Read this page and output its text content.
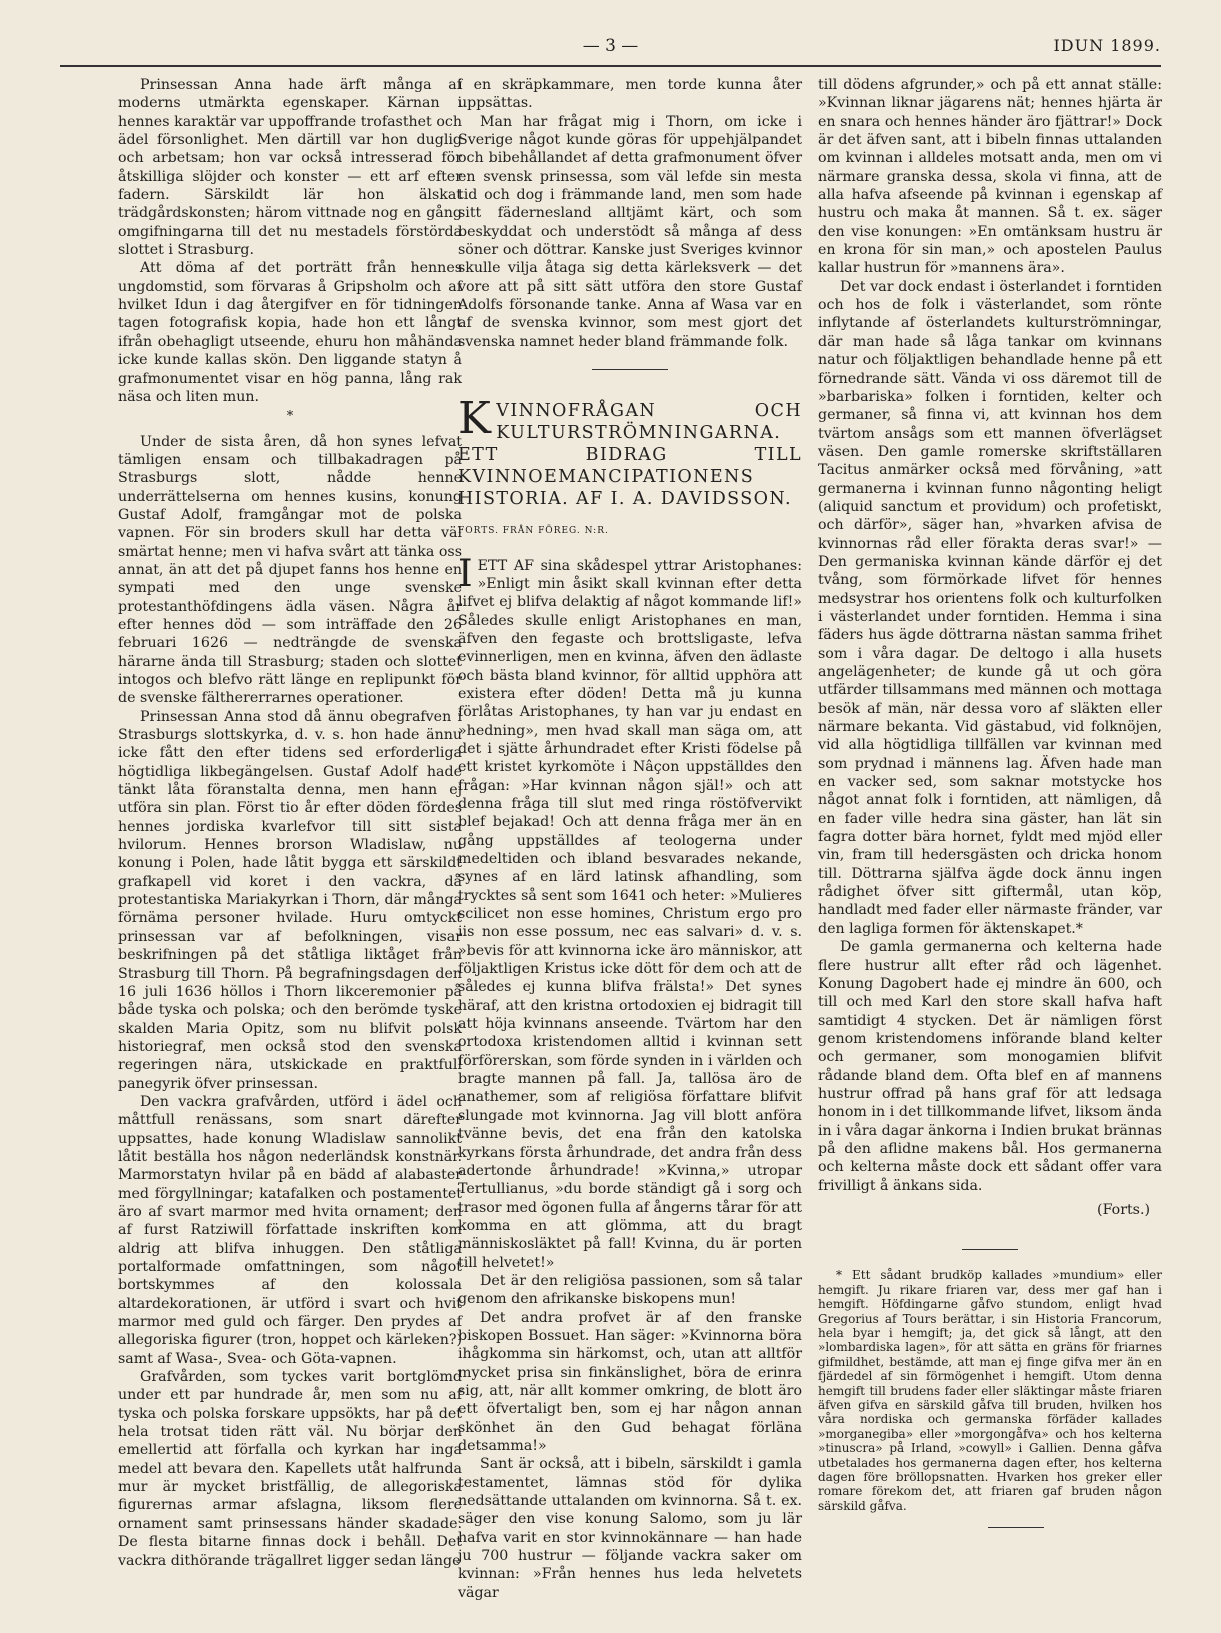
— 3 —	IDUN 1899.

Prinsessan Anna hade ärft många af moderns utmärkta egenskaper. Kärnan i hennes karaktär var uppoffrande trofasthet och ädel försonlighet. Men därtill var hon duglig och arbetsam; hon var också intresserad för åtskilliga slöjder och konster — ett arf efter fadern. Särskildt lär hon älskat trädgårdskonsten; härom vittnade nog en gång omgifningarna till det nu mestadels förstörda slottet i Strasburg.

Att döma af det porträtt från hennes ungdomstid, som förvaras å Gripsholm och af hvilket Idun i dag återgifver en för tidningen tagen fotografisk kopia, hade hon ett långt ifrån obehagligt utseende, ehuru hon måhända icke kunde kallas skön. Den liggande statyn å grafmonumentet visar en hög panna, lång rak näsa och liten mun.

*

Under de sista åren, då hon synes lefvat tämligen ensam och tillbakadragen på Strasburgs slott, nådde henne underrättelserna om hennes kusins, konung Gustaf Adolf, framgångar mot de polska vapnen. För sin broders skull har detta väl smärtat henne; men vi hafva svårt att tänka oss annat, än att det på djupet fanns hos henne en sympati med den unge svenske protestanthöfdingens ädla väsen. Några år efter hennes död — som inträffade den 26 februari 1626 — nedträngde de svenska härarne ända till Strasburg; staden och slottet intogos och blefvo rätt länge en replipunkt för de svenske fälthererrarnes operationer.

Prinsessan Anna stod då ännu obegrafven i Strasburgs slottskyrka, d. v. s. hon hade ännu icke fått den efter tidens sed erforderliga högtidliga likbegängelsen. Gustaf Adolf hade tänkt låta föranstalta denna, men hann ej utföra sin plan. Först tio år efter döden fördes hennes jordiska kvarlefvor till sitt sista hvilorum. Hennes brorson Wladislaw, nu konung i Polen, hade låtit bygga ett särskildt grafkapell vid koret i den vackra, då protestantiska Mariakyrkan i Thorn, där många förnäma personer hvilade. Huru omtyckt prinsessan var af befolkningen, visar beskrifningen på det ståtliga liktåget från Strasburg till Thorn. På begrafningsdagen den 16 juli 1636 höllos i Thorn likceremonier på både tyska och polska; och den berömde tyske skalden Maria Opitz, som nu blifvit polsk historiegraf, men också stod den svenska regeringen nära, utskickade en praktfull panegyrik öfver prinsessan.

Den vackra grafvården, utförd i ädel och måttfull renässans, som snart därefter uppsattes, hade konung Wladislaw sannolikt låtit beställa hos någon nederländsk konstnär. Marmorstatyn hvilar på en bädd af alabaster med förgyllningar; katafalken och postamentet äro af svart marmor med hvita ornament; den af furst Ratziwill författade inskriften kom aldrig att blifva inhuggen. Den ståtliga portalformade omfattningen, som något bortskymmes af den kolossala altardekorationen, är utförd i svart och hvit marmor med guld och färger. Den prydes af allegoriska figurer (tron, hoppet och kärleken?) samt af Wasa-, Svea- och Göta-vapnen.

Grafvården, som tyckes varit bortglömd under ett par hundrade år, men som nu af tyska och polska forskare uppsökts, har på det hela trotsat tiden rätt väl. Nu börjar den emellertid att förfalla och kyrkan har inga medel att bevara den. Kapellets utåt halfrunda mur är mycket bristfällig, de allegoriska figurernas armar afslagna, liksom flere ornament samt prinsessans händer skadade. De flesta bitarne finnas dock i behåll. Det vackra dithörande trägallret ligger sedan länge

i en skräpkammare, men torde kunna åter uppsättas.

Man har frågat mig i Thorn, om icke i Sverige något kunde göras för uppehjälpandet och bibehållandet af detta grafmonument öfver en svensk prinsessa, som väl lefde sin mesta tid och dog i främmande land, men som hade sitt fädernesland alltjämt kärt, och som beskyddat och understödt så många af dess söner och döttrar. Kanske just Sveriges kvinnor skulle vilja åtaga sig detta kärleksverk — det vore att på sitt sätt utföra den store Gustaf Adolfs försonande tanke. Anna af Wasa var en af de svenska kvinnor, som mest gjort det svenska namnet heder bland främmande folk.

KVINNOFRÅGAN OCH KULTURSTRÖMNINGARNA. ETT BIDRAG TILL KVINNOEMANCIPATIONENS HISTORIA. AF I. A. DAVIDSSON.
FORTS. FRÅN FÖREG. N:R.

IETT AF sina skådespel yttrar Aristophanes: »Enligt min åsikt skall kvinnan efter detta lifvet ej blifva delaktig af något kommande lif!» Således skulle enligt Aristophanes en man, äfven den fegaste och brottsligaste, lefva evinnerligen, men en kvinna, äfven den ädlaste och bästa bland kvinnor, för alltid upphöra att existera efter döden! Detta må ju kunna förlåtas Aristophanes, ty han var ju endast en »hedning», men hvad skall man säga om, att det i sjätte århundradet efter Kristi födelse på ett kristet kyrkomöte i Nâçon uppställdes den frågan: »Har kvinnan någon själ!» och att denna fråga till slut med ringa röstöfvervikt blef bejakad! Och att denna fråga mer än en gång uppställdes af teologerna under medeltiden och ibland besvarades nekande, synes af en lärd latinsk afhandling, som trycktes så sent som 1641 och heter: »Mulieres scilicet non esse homines, Christum ergo pro iis non esse possum, nec eas salvari» d. v. s. »bevis för att kvinnorna icke äro människor, att följaktligen Kristus icke dött för dem och att de således ej kunna blifva frälsta!» Det synes häraf, att den kristna ortodoxien ej bidragit till att höja kvinnans anseende. Tvärtom har den ortodoxa kristendomen alltid i kvinnan sett förförerskan, som förde synden in i världen och bragte mannen på fall. Ja, tallösa äro de anathemer, som af religiösa författare blifvit slungade mot kvinnorna. Jag vill blott anföra tvänne bevis, det ena från den katolska kyrkans första århundrade, det andra från dess adertonde århundrade! »Kvinna,» utropar Tertullianus, »du borde ständigt gå i sorg och trasor med ögonen fulla af ångerns tårar för att komma en att glömma, att du bragt människosläktet på fall! Kvinna, du är porten till helvetet!»

Det är den religiösa passionen, som så talar genom den afrikanske biskopens mun!

Det andra profvet är af den franske biskopen Bossuet. Han säger: »Kvinnorna böra ihågkomma sin härkomst, och, utan att alltför mycket prisa sin finkänslighet, böra de erinra sig, att, när allt kommer omkring, de blott äro ett öfvertaligt ben, som ej har någon annan skönhet än den Gud behagat förläna detsamma!»

Sant är också, att i bibeln, särskildt i gamla testamentet, lämnas stöd för dylika nedsättande uttalanden om kvinnorna. Så t. ex. säger den vise konung Salomo, som ju lär hafva varit en stor kvinnokännare — han hade ju 700 hustrur — följande vackra saker om kvinnan: »Från hennes hus leda helvetets vägar

till dödens afgrunder,» och på ett annat ställe: »Kvinnan liknar jägarens nät; hennes hjärta är en snara och hennes händer äro fjättrar!» Dock är det äfven sant, att i bibeln finnas uttalanden om kvinnan i alldeles motsatt anda, men om vi närmare granska dessa, skola vi finna, att de alla hafva afseende på kvinnan i egenskap af hustru och maka åt mannen. Så t. ex. säger den vise konungen: »En omtänksam hustru är en krona för sin man,» och apostelen Paulus kallar hustrun för »mannens ära».

Det var dock endast i österlandet i forntiden och hos de folk i västerlandet, som rönte inflytande af österlandets kulturströmningar, där man hade så låga tankar om kvinnans natur och följaktligen behandlade henne på ett förnedrande sätt. Vända vi oss däremot till de »barbariska» folken i forntiden, kelter och germaner, så finna vi, att kvinnan hos dem tvärtom ansågs som ett mannen öfverlägset väsen. Den gamle romerske skriftställaren Tacitus anmärker också med förvåning, »att germanerna i kvinnan funno någonting heligt (aliquid sanctum et providum) och profetiskt, och därför», säger han, »hvarken afvisa de kvinnornas råd eller förakta deras svar!» — Den germaniska kvinnan kände därför ej det tvång, som förmörkade lifvet för hennes medsystrar hos orientens folk och kulturfolken i västerlandet under forntiden. Hemma i sina fäders hus ägde döttrarna nästan samma frihet som i våra dagar. De deltogo i alla husets angelägenheter; de kunde gå ut och göra utfärder tillsammans med männen och mottaga besök af män, när dessa voro af släkten eller närmare bekanta. Vid gästabud, vid folknöjen, vid alla högtidliga tillfällen var kvinnan med som prydnad i männens lag. Äfven hade man en vacker sed, som saknar motstycke hos något annat folk i forntiden, att nämligen, då en fader ville hedra sina gäster, han lät sin fagra dotter bära hornet, fyldt med mjöd eller vin, fram till hedersgästen och dricka honom till. Döttrarna själfva ägde dock ännu ingen rådighet öfver sitt giftermål, utan köp, handladt med fader eller närmaste fränder, var den lagliga formen för äktenskapet.*

De gamla germanerna och kelterna hade flere hustrur allt efter råd och lägenhet. Konung Dagobert hade ej mindre än 600, och till och med Karl den store skall hafva haft samtidigt 4 stycken. Det är nämligen först genom kristendomens införande bland kelter och germaner, som monogamien blifvit rådande bland dem. Ofta blef en af mannens hustrur offrad på hans graf för att ledsaga honom in i det tillkommande lifvet, liksom ända in i våra dagar änkorna i Indien brukat brännas på den aflidne makens bål. Hos germanerna och kelterna måste dock ett sådant offer vara frivilligt å änkans sida.

(Forts.)

* Ett sådant brudköp kallades »mundium» eller hemgift. Ju rikare friaren var, dess mer gaf han i hemgift. Höfdingarne gåfvo stundom, enligt hvad Gregorius af Tours berättar, i sin Historia Francorum, hela byar i hemgift; ja, det gick så långt, att den »lombardiska lagen», för att sätta en gräns för friarnes gifmildhet, bestämde, att man ej finge gifva mer än en fjärdedel af sin förmögenhet i hemgift. Utom denna hemgift till brudens fader eller släktingar måste friaren äfven gifva en särskild gåfva till bruden, hvilken hos våra nordiska och germanska förfäder kallades »morganegiba» eller »morgongåfva» och hos kelterna »tinuscra» på Irland, »cowyll» i Gallien. Denna gåfva utbetalades hos germanerna dagen efter, hos kelterna dagen före bröllopsnatten. Hvarken hos greker eller romare förekom det, att friaren gaf bruden någon särskild gåfva.
